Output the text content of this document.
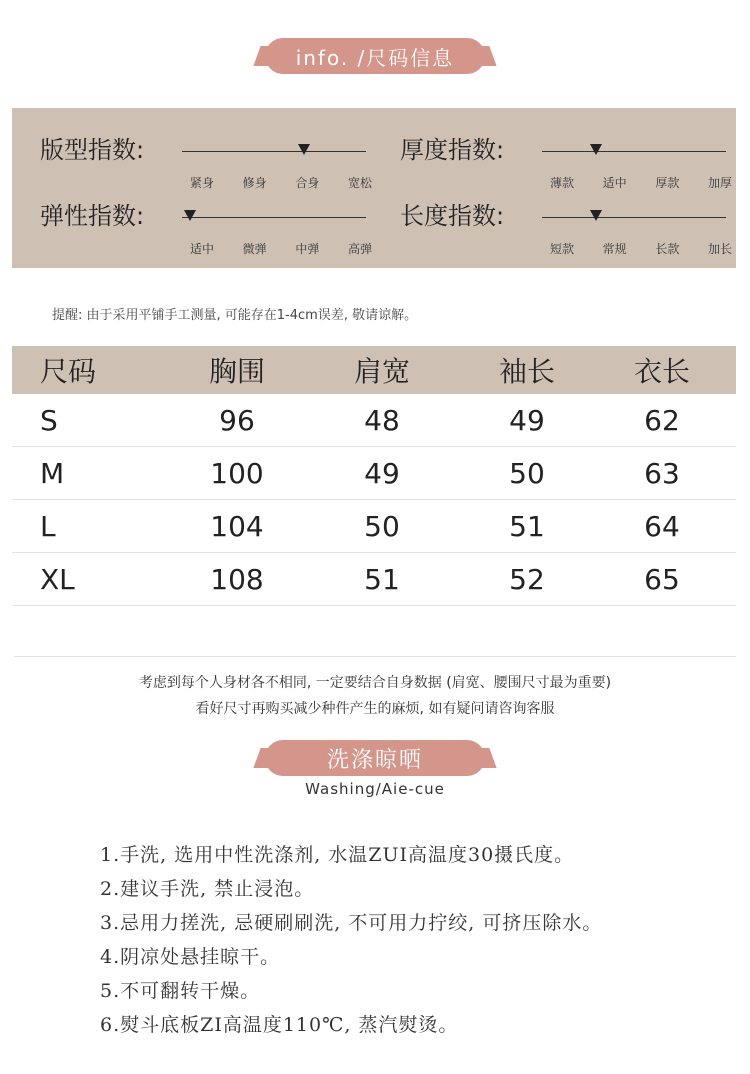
info. /尺码信息
版型指数:
紧身 修身 合身 宽松
厚度指数:
薄款 适中 厚款 加厚
弹性指数:
适中 微弹 中弹 高弹
长度指数:
短款 常规 长款 加长
提醒: 由于采用平铺手工测量, 可能存在1-4cm误差, 敬请谅解。
尺码	胸围	肩宽	袖长	衣长
S	96	48	49	62
M	100	49	50	63
L	104	50	51	64
XL	108	51	52	65
考虑到每个人身材各不相同, 一定要结合自身数据 (肩宽、腰围尺寸最为重要)
看好尺寸再购买减少种件产生的麻烦, 如有疑问请咨询客服
洗涤晾晒
Washing/Aie-cue
1.手洗, 选用中性洗涤剂, 水温ZUI高温度30摄氏度。
2.建议手洗, 禁止浸泡。
3.忌用力搓洗, 忌硬刷刷洗, 不可用力拧绞, 可挤压除水。
4.阴凉处悬挂晾干。
5.不可翻转干燥。
6.熨斗底板ZI高温度110℃, 蒸汽熨烫。
